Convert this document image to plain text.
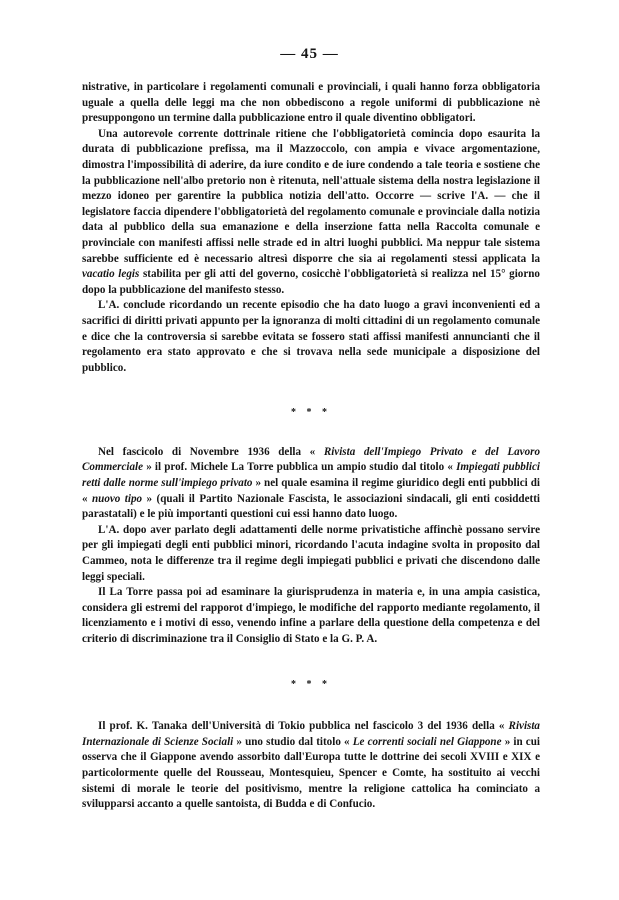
— 45 —

nistrative, in particolare i regolamenti comunali e provinciali, i quali hanno forza obbligatoria uguale a quella delle leggi ma che non obbediscono a regole uniformi di pubblicazione nè presuppongono un termine dalla pubblicazione entro il quale diventino obbligatori.

Una autorevole corrente dottrinale ritiene che l'obbligatorietà comincia dopo esaurita la durata di pubblicazione prefissa, ma il Mazzoccolo, con ampia e vivace argomentazione, dimostra l'impossibilità di aderire, da iure condito e de iure condendo a tale teoria e sostiene che la pubblicazione nell'albo pretorio non è ritenuta, nell'attuale sistema della nostra legislazione il mezzo idoneo per garentire la pubblica notizia dell'atto. Occorre — scrive l'A. — che il legislatore faccia dipendere l'obbligatorietà del regolamento comunale e provinciale dalla notizia data al pubblico della sua emanazione e della inserzione fatta nella Raccolta comunale e provinciale con manifesti affissi nelle strade ed in altri luoghi pubblici. Ma neppur tale sistema sarebbe sufficiente ed è necessario altresì disporre che sia ai regolamenti stessi applicata la vacatio legis stabilita per gli atti del governo, cosicchè l'obbligatorietà si realizza nel 15° giorno dopo la pubblicazione del manifesto stesso.

L'A. conclude ricordando un recente episodio che ha dato luogo a gravi inconvenienti ed a sacrifici di diritti privati appunto per la ignoranza di molti cittadini di un regolamento comunale e dice che la controversia si sarebbe evitata se fossero stati affissi manifesti annuncianti che il regolamento era stato approvato e che si trovava nella sede municipale a disposizione del pubblico.

* * *

Nel fascicolo di Novembre 1936 della « Rivista dell'Impiego Privato e del Lavoro Commerciale » il prof. Michele La Torre pubblica un ampio studio dal titolo « Impiegati pubblici retti dalle norme sull'impiego privato » nel quale esamina il regime giuridico degli enti pubblici di « nuovo tipo » (quali il Partito Nazionale Fascista, le associazioni sindacali, gli enti cosiddetti parastatali) e le più importanti questioni cui essi hanno dato luogo.

L'A. dopo aver parlato degli adattamenti delle norme privatistiche affinchè possano servire per gli impiegati degli enti pubblici minori, ricordando l'acuta indagine svolta in proposito dal Cammeo, nota le differenze tra il regime degli impiegati pubblici e privati che discendono dalle leggi speciali.

Il La Torre passa poi ad esaminare la giurisprudenza in materia e, in una ampia casistica, considera gli estremi del rapporot d'impiego, le modifiche del rapporto mediante regolamento, il licenziamento e i motivi di esso, venendo infine a parlare della questione della competenza e del criterio di discriminazione tra il Consiglio di Stato e la G. P. A.

* * *

Il prof. K. Tanaka dell'Università di Tokio pubblica nel fascicolo 3 del 1936 della « Rivista Internazionale di Scienze Sociali » uno studio dal titolo « Le correnti sociali nel Giappone » in cui osserva che il Giappone avendo assorbito dall'Europa tutte le dottrine dei secoli XVIII e XIX e particolormente quelle del Rousseau, Montesquieu, Spencer e Comte, ha sostituito ai vecchi sistemi di morale le teorie del positivismo, mentre la religione cattolica ha cominciato a svilupparsi accanto a quelle santoista, di Budda e di Confucio.
